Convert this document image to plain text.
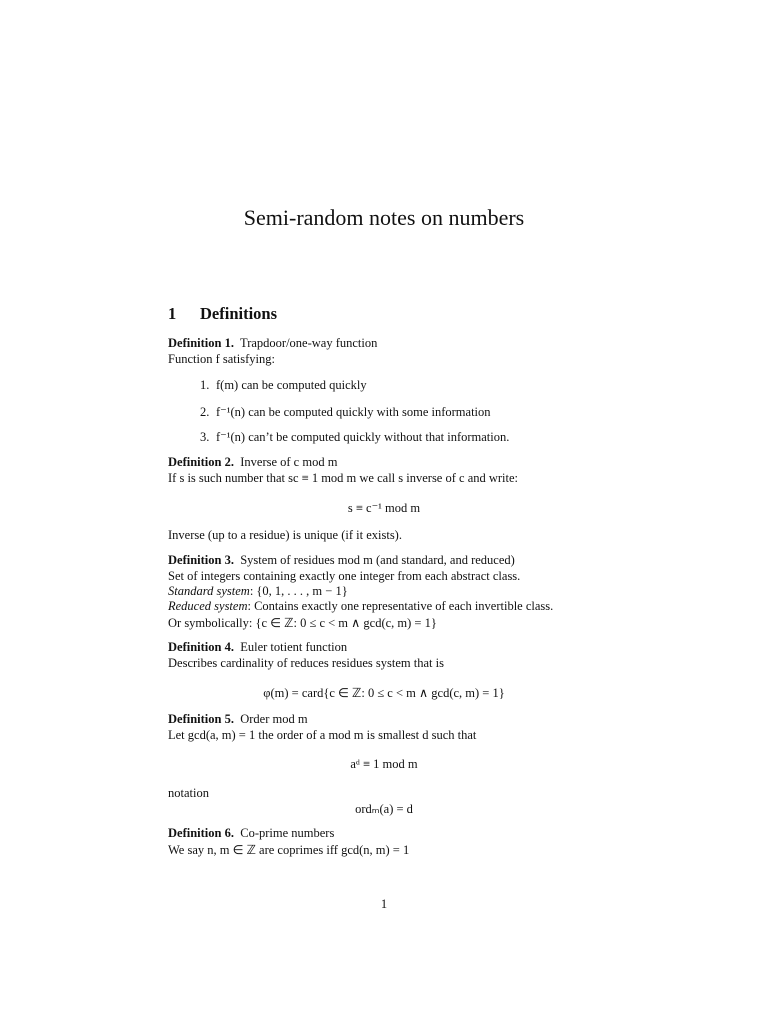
Semi-random notes on numbers
1 Definitions
Definition 1. Trapdoor/one-way function
Function f satisfying:
1. f(m) can be computed quickly
2. f⁻¹(n) can be computed quickly with some information
3. f⁻¹(n) can’t be computed quickly without that information.
Definition 2. Inverse of c mod m
If s is such number that sc ≡ 1 mod m we call s inverse of c and write:
s ≡ c⁻¹ mod m
Inverse (up to a residue) is unique (if it exists).
Definition 3. System of residues mod m (and standard, and reduced)
Set of integers containing exactly one integer from each abstract class.
Standard system: {0, 1, . . . , m − 1}
Reduced system: Contains exactly one representative of each invertible class.
Or symbolically: {c ∈ ℤ: 0 ≤ c < m ∧ gcd(c, m) = 1}
Definition 4. Euler totient function
Describes cardinality of reduces residues system that is
φ(m) = card{c ∈ ℤ: 0 ≤ c < m ∧ gcd(c, m) = 1}
Definition 5. Order mod m
Let gcd(a, m) = 1 the order of a mod m is smallest d such that
aᵈ ≡ 1 mod m
notation
ordₘ(a) = d
Definition 6. Co-prime numbers
We say n, m ∈ ℤ are coprimes iff gcd(n, m) = 1
1
